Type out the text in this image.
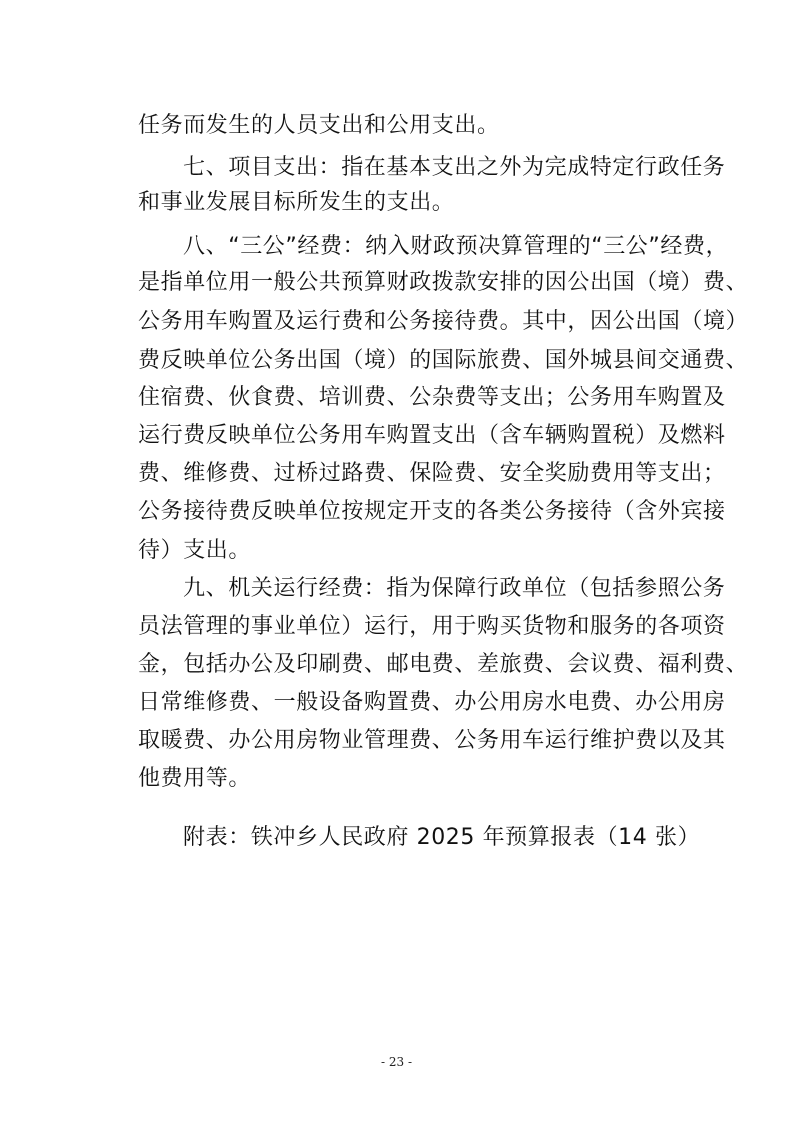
任务而发生的人员支出和公用支出。
七、项目支出：指在基本支出之外为完成特定行政任务
和事业发展目标所发生的支出。
八、“三公”经费：纳入财政预决算管理的“三公”经费，
是指单位用一般公共预算财政拨款安排的因公出国（境）费、
公务用车购置及运行费和公务接待费。其中，因公出国（境）
费反映单位公务出国（境）的国际旅费、国外城县间交通费、
住宿费、伙食费、培训费、公杂费等支出；公务用车购置及
运行费反映单位公务用车购置支出（含车辆购置税）及燃料
费、维修费、过桥过路费、保险费、安全奖励费用等支出；
公务接待费反映单位按规定开支的各类公务接待（含外宾接
待）支出。
九、机关运行经费：指为保障行政单位（包括参照公务
员法管理的事业单位）运行，用于购买货物和服务的各项资
金，包括办公及印刷费、邮电费、差旅费、会议费、福利费、
日常维修费、一般设备购置费、办公用房水电费、办公用房
取暖费、办公用房物业管理费、公务用车运行维护费以及其
他费用等。
附表：铁冲乡人民政府 2025 年预算报表（14 张）
- 23 -
